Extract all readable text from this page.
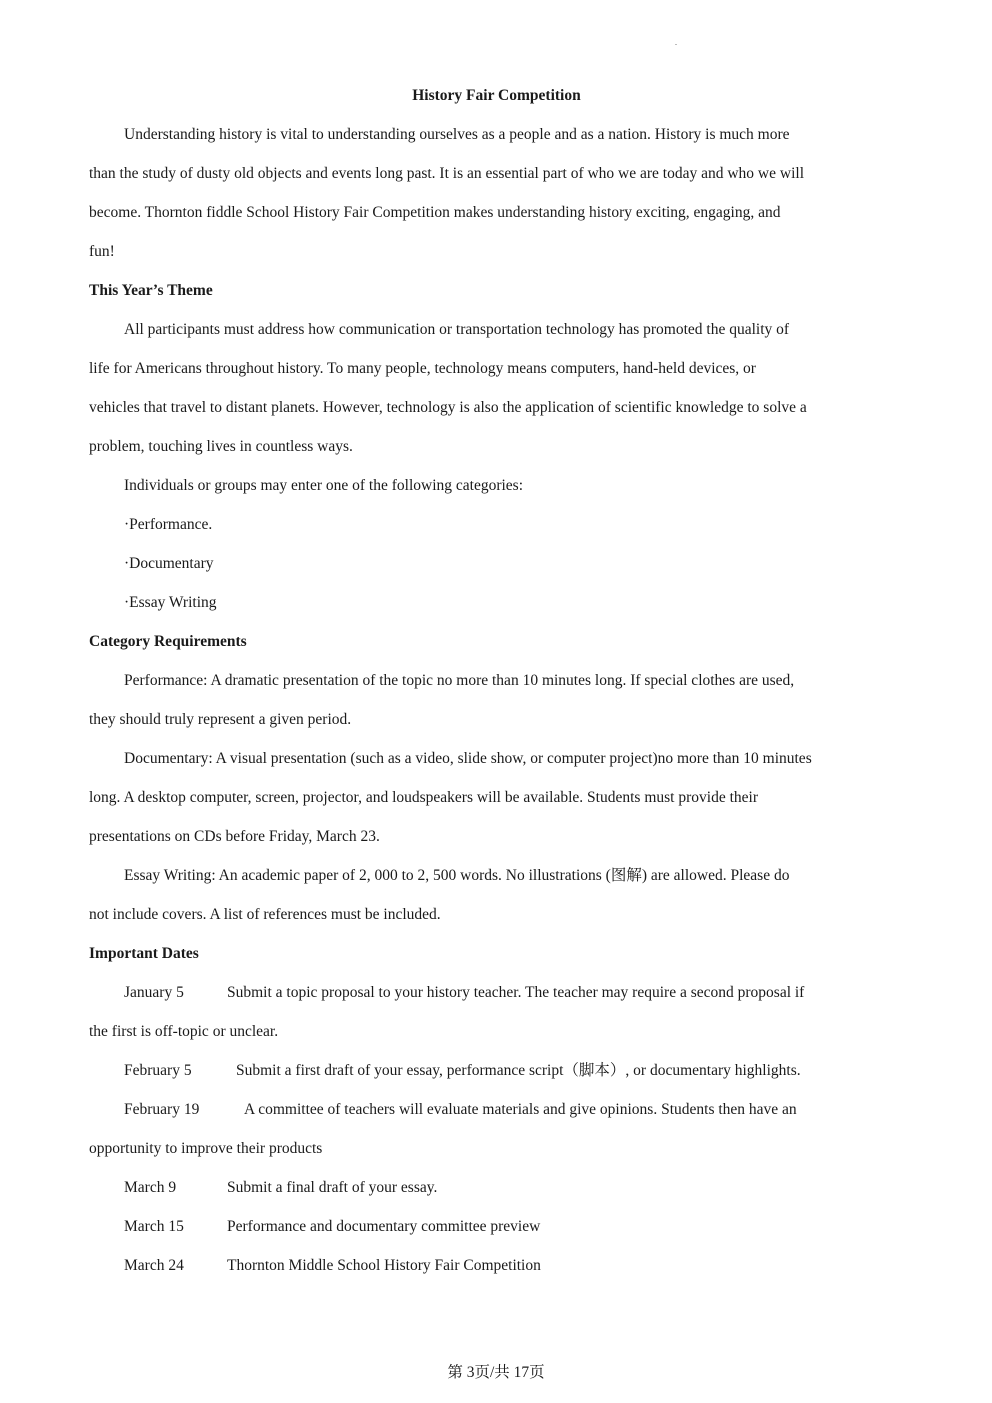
History Fair Competition
Understanding history is vital to understanding ourselves as a people and as a nation. History is much more
than the study of dusty old objects and events long past. It is an essential part of who we are today and who we will
become. Thornton fiddle School History Fair Competition makes understanding history exciting, engaging, and
fun!
This Year’s Theme
All participants must address how communication or transportation technology has promoted the quality of
life for Americans throughout history. To many people, technology means computers, hand-held devices, or
vehicles that travel to distant planets. However, technology is also the application of scientific knowledge to solve a
problem, touching lives in countless ways.
Individuals or groups may enter one of the following categories:
·Performance.
·Documentary
·Essay Writing
Category Requirements
Performance: A dramatic presentation of the topic no more than 10 minutes long. If special clothes are used,
they should truly represent a given period.
Documentary: A visual presentation (such as a video, slide show, or computer project)no more than 10 minutes
long. A desktop computer, screen, projector, and loudspeakers will be available. Students must provide their
presentations on CDs before Friday, March 23.
Essay Writing: An academic paper of 2, 000 to 2, 500 words. No illustrations (图解) are allowed. Please do
not include covers. A list of references must be included.
Important Dates
January 5	Submit a topic proposal to your history teacher. The teacher may require a second proposal if
the first is off-topic or unclear.
February 5	Submit a first draft of your essay, performance script（脚本）, or documentary highlights.
February 19	A committee of teachers will evaluate materials and give opinions. Students then have an
opportunity to improve their products
March 9	Submit a final draft of your essay.
March 15	Performance and documentary committee preview
March 24	Thornton Middle School History Fair Competition
第 3页/共 17页
